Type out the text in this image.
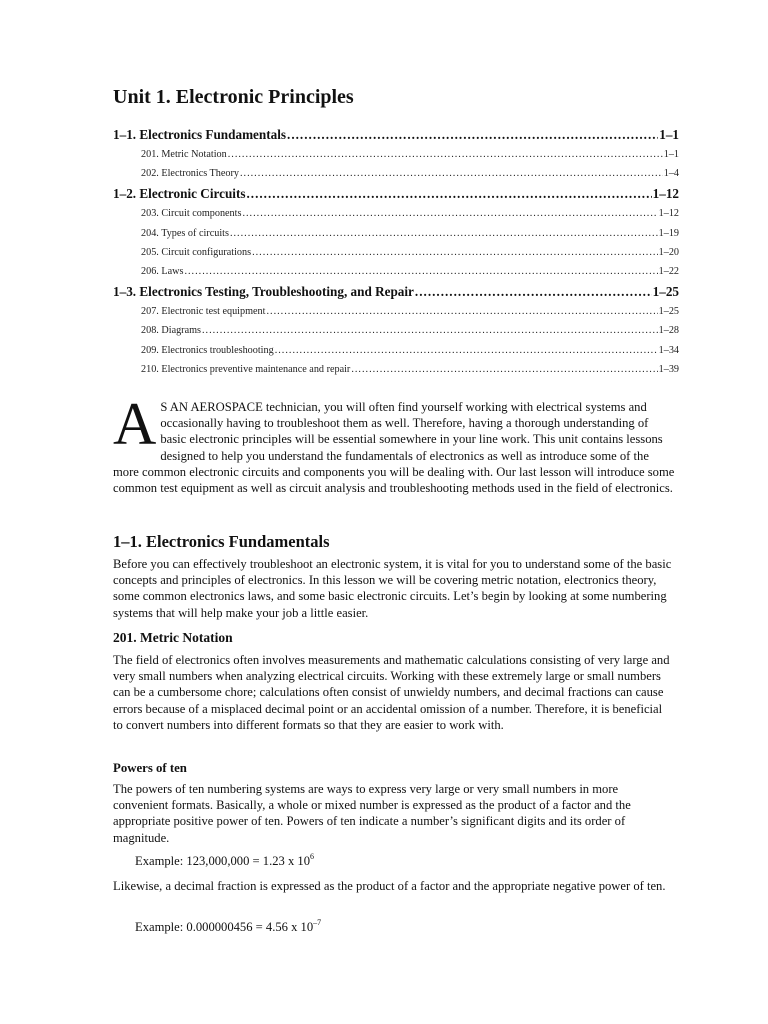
Unit 1. Electronic Principles
1–1. Electronics Fundamentals .....	1–1
201. Metric Notation .....	1–1
202. Electronics Theory .....	1–4
1–2. Electronic Circuits .....	1–12
203. Circuit components .....	1–12
204. Types of circuits .....	1–19
205. Circuit configurations .....	1–20
206. Laws .....	1–22
1–3. Electronics Testing, Troubleshooting, and Repair .....	1–25
207. Electronic test equipment .....	1–25
208. Diagrams .....	1–28
209. Electronics troubleshooting .....	1–34
210. Electronics preventive maintenance and repair .....	1–39

A S AN AEROSPACE technician, you will often find yourself working with electrical systems and occasionally having to troubleshoot them as well. Therefore, having a thorough understanding of basic electronic principles will be essential somewhere in your line work. This unit contains lessons designed to help you understand the fundamentals of electronics as well as introduce some of the more common electronic circuits and components you will be dealing with. Our last lesson will introduce some common test equipment as well as circuit analysis and troubleshooting methods used in the field of electronics.

1–1. Electronics Fundamentals

Before you can effectively troubleshoot an electronic system, it is vital for you to understand some of the basic concepts and principles of electronics. In this lesson we will be covering metric notation, electronics theory, some common electronics laws, and some basic electronic circuits. Let’s begin by looking at some numbering systems that will help make your job a little easier.

201. Metric Notation

The field of electronics often involves measurements and mathematic calculations consisting of very large and very small numbers when analyzing electrical circuits. Working with these extremely large or small numbers can be a cumbersome chore; calculations often consist of unwieldy numbers, and decimal fractions can cause errors because of a misplaced decimal point or an accidental omission of a number. Therefore, it is beneficial to convert numbers into different formats so that they are easier to work with.

Powers of ten

The powers of ten numbering systems are ways to express very large or very small numbers in more convenient formats. Basically, a whole or mixed number is expressed as the product of a factor and the appropriate positive power of ten. Powers of ten indicate a number’s significant digits and its order of magnitude.

Example: 123,000,000 = 1.23 x $10^6$

Likewise, a decimal fraction is expressed as the product of a factor and the appropriate negative power of ten.

Example: 0.000000456 = 4.56 x $10^{-7}$
